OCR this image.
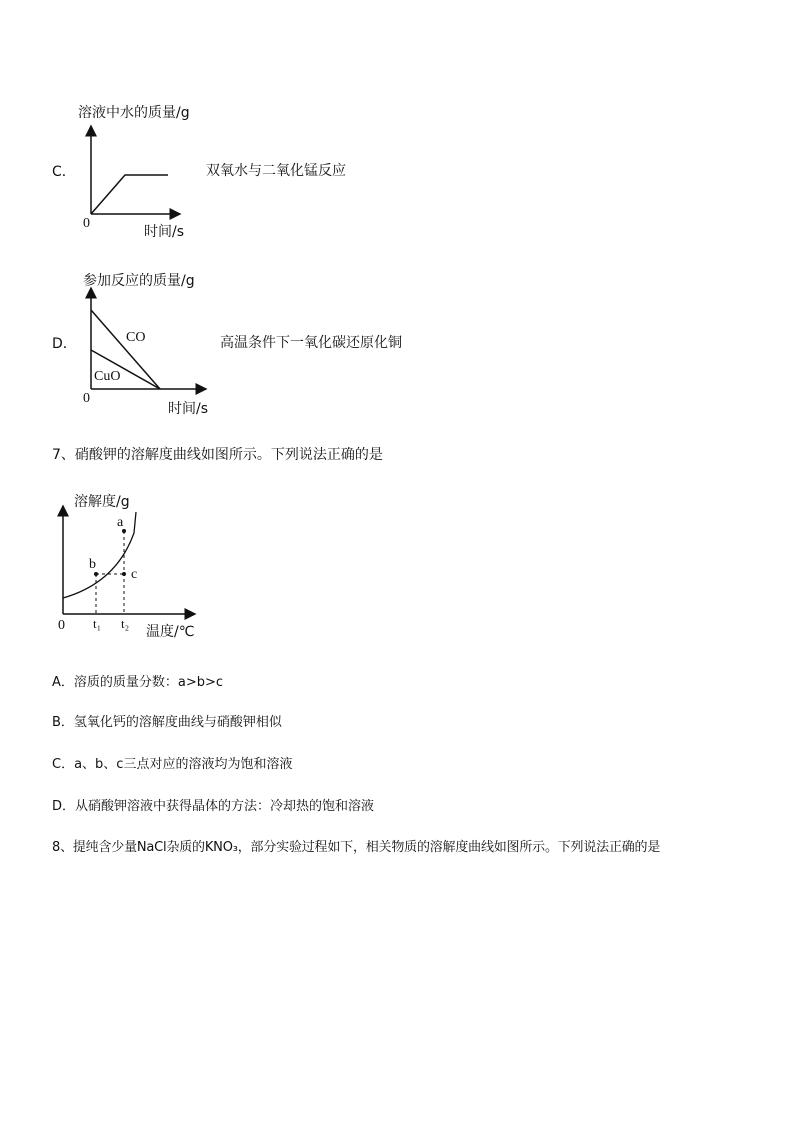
C．
溶液中水的质量/g
0
时间/s
双氧水与二氧化锰反应
D．
参加反应的质量/g
CO
CuO
0
时间/s
高温条件下一氧化碳还原化铜
7、硝酸钾的溶解度曲线如图所示。下列说法正确的是
溶解度/g
a
b
c
t₁ t₂
0	温度/℃
A．溶质的质量分数：a>b>c
B．氢氧化钙的溶解度曲线与硝酸钾相似
C．a、b、c三点对应的溶液均为饱和溶液
D．从硝酸钾溶液中获得晶体的方法：冷却热的饱和溶液
8、提纯含少量NaCl杂质的KNO₃，部分实验过程如下，相关物质的溶解度曲线如图所示。下列说法正确的是
